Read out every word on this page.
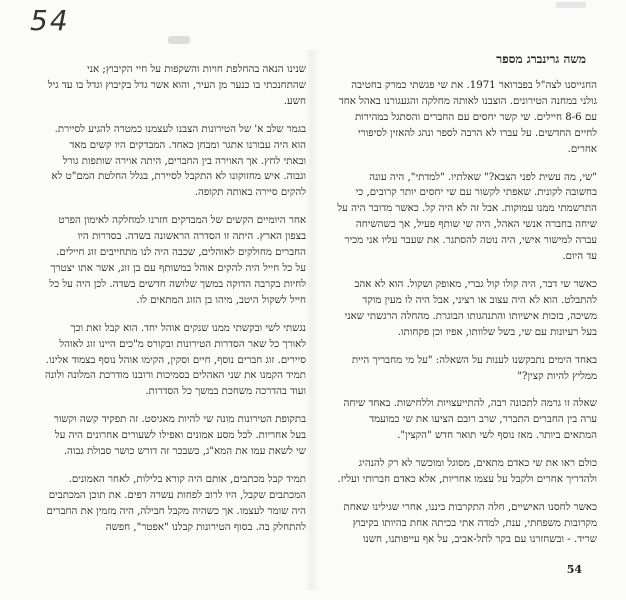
54
משה גרינברג מספר

החגייסנו לצה"ל בפברואר 1971. את שי פגשתי כמרק בחטיבה גולני במחנה הטירונים. הוצבנו לאותה מחלקה והגעגורנו באהל אחד עם 8-6 חיילים. שי קשר יחסים עם החברים והסתגל במהירות לחיים החדשים. על עברו לא הרבה לספר ונהג להאזין לסיפורי אחרים.

"שי, מה עשית לפני הצבא?" שאלתיו. "למדתי", היה עונה בחשובה לקונית. שאפתי לקשור עם שי יחסים יותר קרובים, כי התרשמתי ממנו עמוקות. אבל זה לא היה קל. כאשר מדובר היה על שיחה בחברה אנשי האהל, היה שי שותף פעיל, אך כשהשיחה עברה למישור אישי, היה נוטה להסתגר. את שעבר עליו אני מכיר עד היום.

כאשר שי דבר, היה קולו קול גברי, מאופק ושקול. הוא לא אהב להתבלט. הוא לא היה עצוב או רציני, אבל היה לו מעין מוקד משיכה, בזכות אישיותו והתנהגותו הבוגרת. מהחלה הרגשתי שאני בעל רעיונות עם שי, בשל שלוותו, אפיו וכן פקחותו.

באחד הימים נתבקשנו לענות על השאלה: "על מי מחבריך היית ממליץ להיות קצין?"

שאלה זו גרמה לתכונה רבה, להתייעצויות וללחישות. באחד שיחה ערה בין החברים התברר, שרב רובם הציעו את שי כמועמד המתאים ביותר. מאז נוסף לשי תואר חדש "הקצין".

כולם ראו את שי כאדם מתאים, מסוגל ומוכשר לא רק להנהיג ולהדריך אחרים ולקבל על עצמו אחריות, אלא כאדם חברותי ועליז.

כאשר לחסנו האישיים, חלה התקרבות ביננו, אחרי שגילינו שאחת מקרובות משפחתי, ענת, למדה אתי בכיתה אחת בהיותו בקיבוץ שריד. - ובשחזרנו עם בקר לתל-אביב, על אף עייפותנו, חשנו

שנינו הנאה בהחלפת חויות והשקפות על חיי הקיבוץ; אני שהתחנכתי בו כנער מן העיר, והוא אשר גדל בקיבוץ וגדל בו עד גיל חשע.

בגמר שלב א' של הטירונות הצבנו לעצמנו כמטרה להגיע לסיירת. הוא היה עבורנו אתגר ומבחן כאחד. המבדקים היו קשים מאד ובאתי לחץ. אך האוירה בין החברים, היתה אוירה שותפות גורל וגבוה. איש מחזוקונו לא התקבל לסיירת, בגלל החלטת המם"ט לא להקים סיירה באותה תקופה.

אחר היומיים הקשים של המבדקים חזרנו למחלקה לאימון הפרט בצפון הארץ. היתה זו הסדרה הראשונה בשדה. בסדרות היו החברים מחולקים לאוהלים, שכבה היה לנו מתחייבים זוג חיילים. על כל חייל היה להקים אוהל במשותף עם בן זוג, אשר אתו יצטרך לחיות בקרבה הדוקה במשך שלושה חדשים בשדה. לכן היה על כל חייל לשקול היטב, מיהו בן הזוג המתאים לו.

נגשתי לשי ובקשתי ממנו שנקים אוהל יחד. הוא קבל זאת וכך לאורך כל שאר הסדרות הטירונות ובקורס מ"כים היינו זוג לאוהל סיירים. זוג חברים נוסף, חיים וסקין, הקימו אוהל נוסף בצמוד אלינו. תמיד הקמנו את שני האהלים בסמיכות ורובנו מודרכת המלונה ולונה ועוד בהדרכה משחכת במשך כל הסדרות.

בתקופת הטירונות מונה שי להיות מאגיסט. זה תפקיד קשה וקשור בעל אחריות. לכל מסע אמונים ואפילו לשעורים אחרונים היה על שי לשאת עמו את המא"ג, כשבכר זה דורש כושר סבולת גבוה.

תמיד קבל מכתבים, אותם היה קורא בלילות, לאחר האמונים. המכתבים שקבל, היו לרוב לפחות עשרה דפים. את תוכן המכתבים היה שומר לעצמו. אך כשהיה מקבל חבילה, היה מזמין את החברים להתחלק בה. בסוף הטירונות קבלנו "אפטר", חפשה

54
